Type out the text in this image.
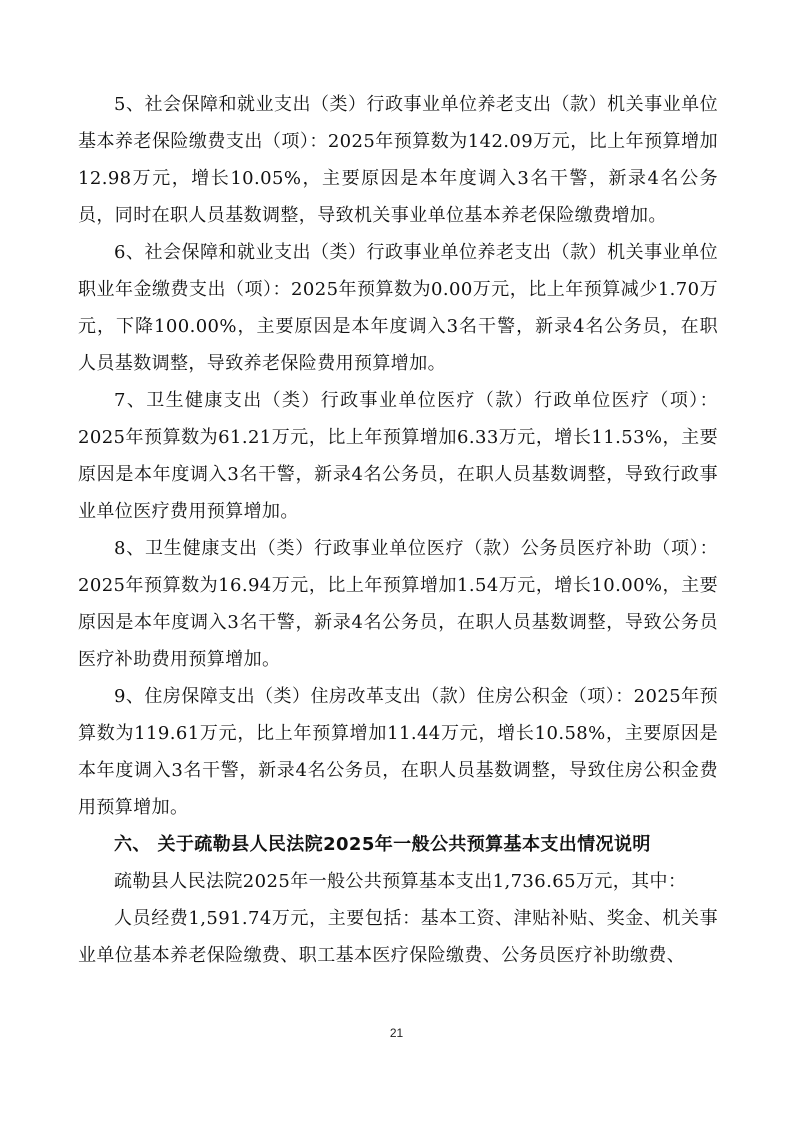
5、社会保障和就业支出（类）行政事业单位养老支出（款）机关事业单位基本养老保险缴费支出（项）：2025年预算数为142.09万元，比上年预算增加12.98万元，增长10.05%，主要原因是本年度调入3名干警，新录4名公务员，同时在职人员基数调整，导致机关事业单位基本养老保险缴费增加。

6、社会保障和就业支出（类）行政事业单位养老支出（款）机关事业单位职业年金缴费支出（项）：2025年预算数为0.00万元，比上年预算减少1.70万元，下降100.00%，主要原因是本年度调入3名干警，新录4名公务员，在职人员基数调整，导致养老保险费用预算增加。

7、卫生健康支出（类）行政事业单位医疗（款）行政单位医疗（项）：2025年预算数为61.21万元，比上年预算增加6.33万元，增长11.53%，主要原因是本年度调入3名干警，新录4名公务员，在职人员基数调整，导致行政事业单位医疗费用预算增加。

8、卫生健康支出（类）行政事业单位医疗（款）公务员医疗补助（项）：2025年预算数为16.94万元，比上年预算增加1.54万元，增长10.00%，主要原因是本年度调入3名干警，新录4名公务员，在职人员基数调整，导致公务员医疗补助费用预算增加。

9、住房保障支出（类）住房改革支出（款）住房公积金（项）：2025年预算数为119.61万元，比上年预算增加11.44万元，增长10.58%，主要原因是本年度调入3名干警，新录4名公务员，在职人员基数调整，导致住房公积金费用预算增加。

六、 关于疏勒县人民法院2025年一般公共预算基本支出情况说明

疏勒县人民法院2025年一般公共预算基本支出1,736.65万元，其中：

人员经费1,591.74万元，主要包括：基本工资、津贴补贴、奖金、机关事业单位基本养老保险缴费、职工基本医疗保险缴费、公务员医疗补助缴费、

21
